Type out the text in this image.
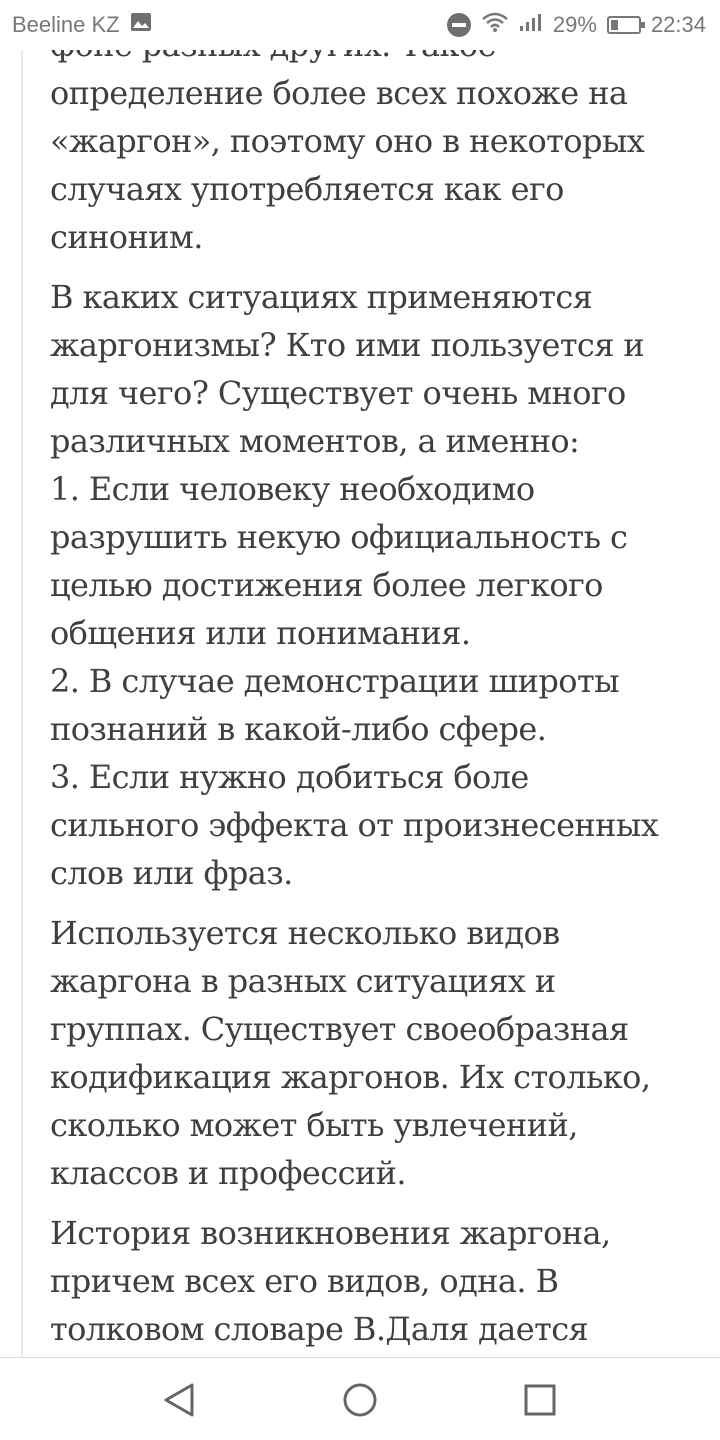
определение более всех похоже на
«жаргон», поэтому оно в некоторых
случаях употребляется как его
синоним.
В каких ситуациях применяются
жаргонизмы? Кто ими пользуется и
для чего? Существует очень много
различных моментов, а именно:
1. Если человеку необходимо
разрушить некую официальность с
целью достижения более легкого
общения или понимания.
2. В случае демонстрации широты
познаний в какой-либо сфере.
3. Если нужно добиться боле
сильного эффекта от произнесенных
слов или фраз.
Используется несколько видов
жаргона в разных ситуациях и
группах. Существует своеобразная
кодификация жаргонов. Их столько,
сколько может быть увлечений,
классов и профессий.
История возникновения жаргона,
причем всех его видов, одна. В
толковом словаре В.Даля дается
Beeline KZ	29% 22:34
